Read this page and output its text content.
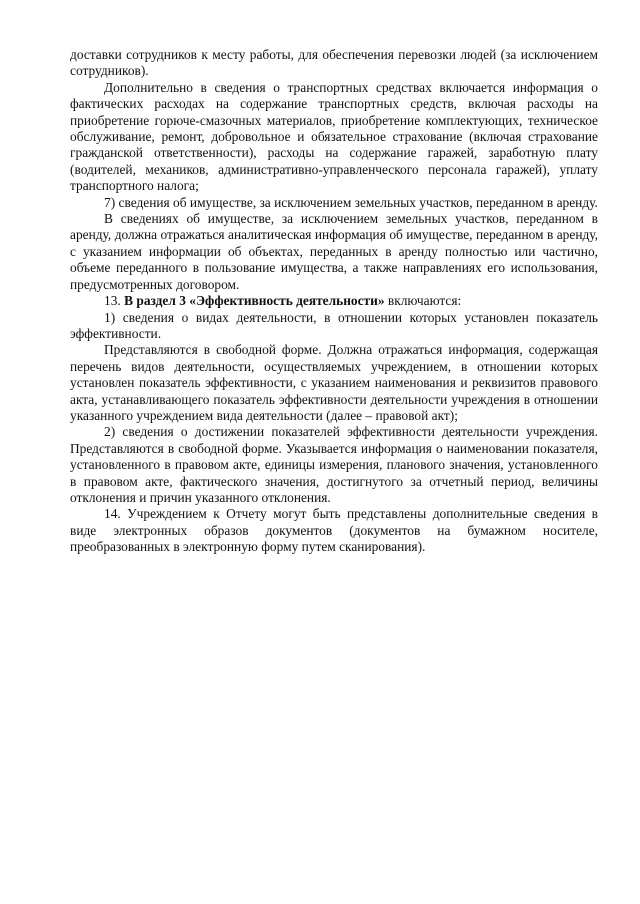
доставки сотрудников к месту работы, для обеспечения перевозки людей (за исключением сотрудников).

Дополнительно в сведения о транспортных средствах включается информация о фактических расходах на содержание транспортных средств, включая расходы на приобретение горюче-смазочных материалов, приобретение комплектующих, техническое обслуживание, ремонт, добровольное и обязательное страхование (включая страхование гражданской ответственности), расходы на содержание гаражей, заработную плату (водителей, механиков, административно-управленческого персонала гаражей), уплату транспортного налога;

7) сведения об имуществе, за исключением земельных участков, переданном в аренду.

В сведениях об имуществе, за исключением земельных участков, переданном в аренду, должна отражаться аналитическая информация об имуществе, переданном в аренду, с указанием информации об объектах, переданных в аренду полностью или частично, объеме переданного в пользование имущества, а также направлениях его использования, предусмотренных договором.

13. В раздел 3 «Эффективность деятельности» включаются:

1) сведения о видах деятельности, в отношении которых установлен показатель эффективности.

Представляются в свободной форме. Должна отражаться информация, содержащая перечень видов деятельности, осуществляемых учреждением, в отношении которых установлен показатель эффективности, с указанием наименования и реквизитов правового акта, устанавливающего показатель эффективности деятельности учреждения в отношении указанного учреждением вида деятельности (далее – правовой акт);

2) сведения о достижении показателей эффективности деятельности учреждения. Представляются в свободной форме. Указывается информация о наименовании показателя, установленного в правовом акте, единицы измерения, планового значения, установленного в правовом акте, фактического значения, достигнутого за отчетный период, величины отклонения и причин указанного отклонения.

14. Учреждением к Отчету могут быть представлены дополнительные сведения в виде электронных образов документов (документов на бумажном носителе, преобразованных в электронную форму путем сканирования).
